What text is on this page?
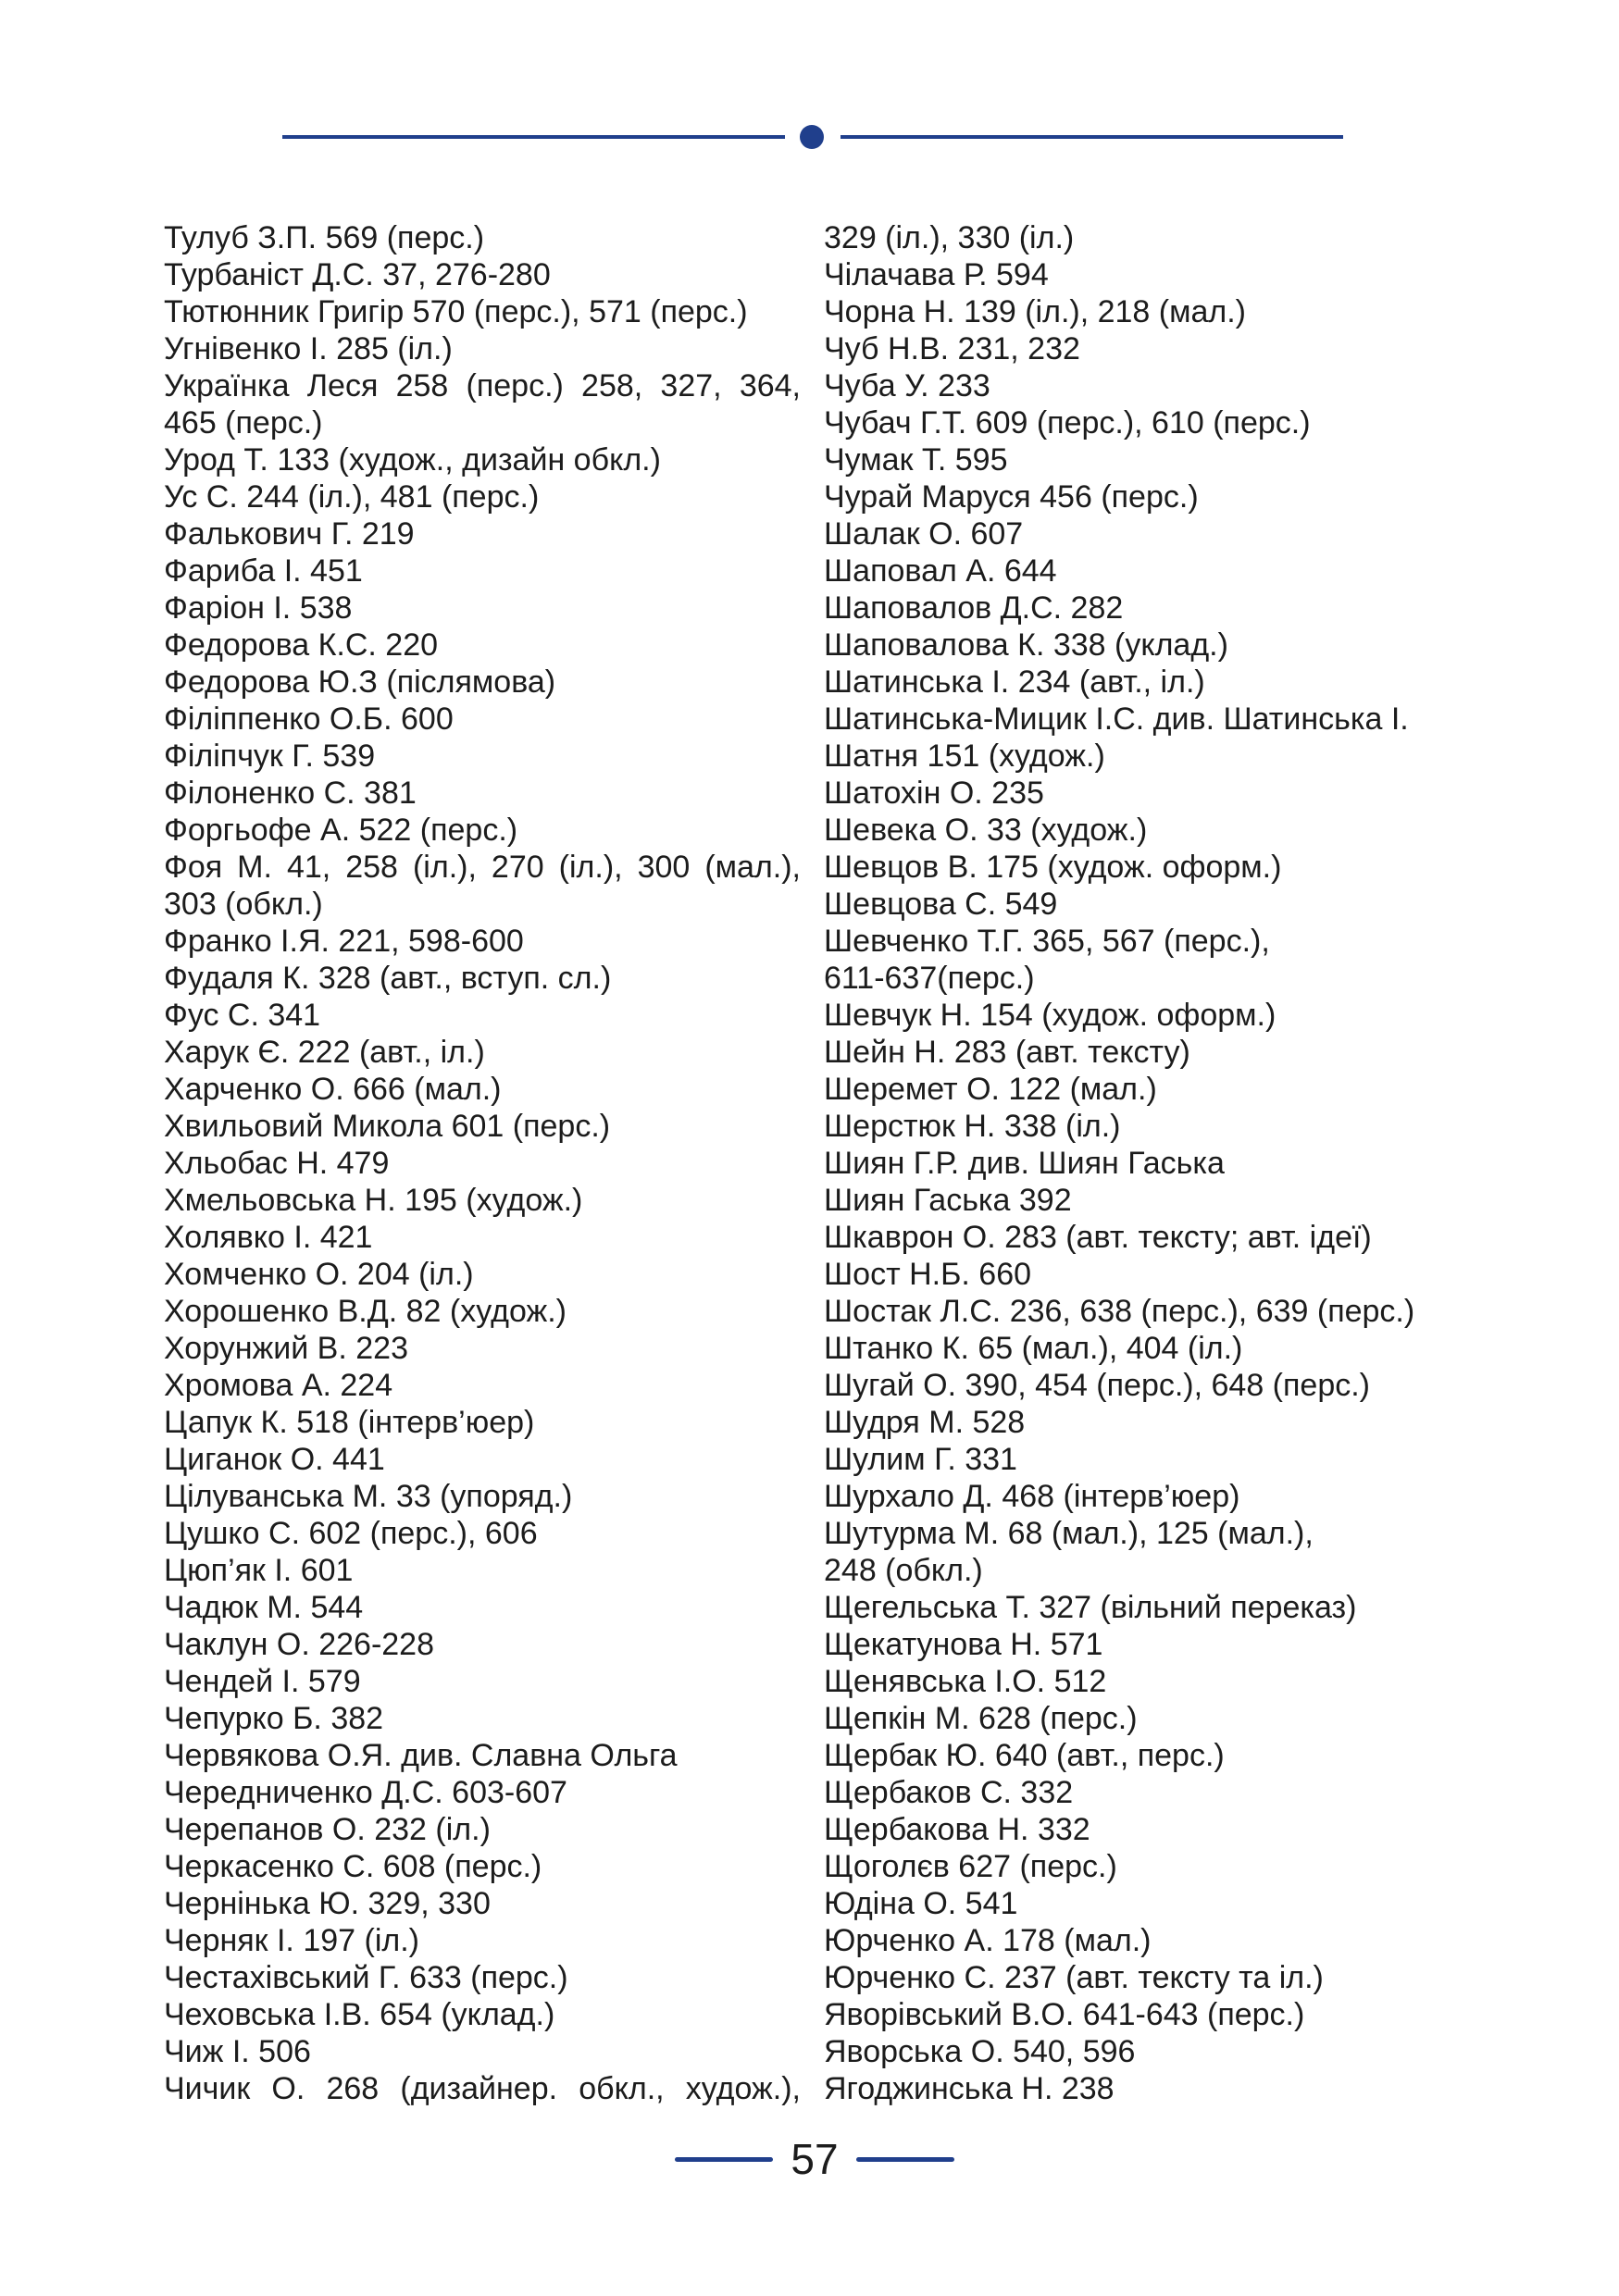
Тулуб З.П. 569 (перс.)

Турбаніст Д.С. 37, 276-280

Тютюнник Григір 570 (перс.), 571 (перс.)

Угнівенко І. 285 (іл.)

Українка Леся 258 (перс.) 258, 327, 364,

465 (перс.)

Урод Т. 133 (худож., дизайн обкл.)

Ус С. 244 (іл.), 481 (перс.)

Фалькович Г. 219

Фариба І. 451

Фаріон І. 538

Федорова К.С. 220

Федорова Ю.З (післямова)

Філіппенко О.Б. 600

Філіпчук Г. 539

Філоненко С. 381

Форгьофе А. 522 (перс.)

Фоя М. 41, 258 (іл.), 270 (іл.), 300 (мал.),

303 (обкл.)

Франко І.Я. 221, 598-600

Фудаля К. 328 (авт., вступ. сл.)

Фус С. 341

Харук Є. 222 (авт., іл.)

Харченко О. 666 (мал.)

Хвильовий Микола 601 (перс.)

Хльобас Н. 479

Хмельовська Н. 195 (худож.)

Холявко І. 421

Хомченко О. 204 (іл.)

Хорошенко В.Д. 82 (худож.)

Хорунжий В. 223

Хромова А. 224

Цапук К. 518 (інтерв’юер)

Циганок О. 441

Цілуванська М. 33 (упоряд.)

Цушко С. 602 (перс.), 606

Цюп’як І. 601

Чадюк М. 544

Чаклун О. 226-228

Чендей І. 579

Чепурко Б. 382

Червякова О.Я. див. Славна Ольга

Чередниченко Д.С. 603-607

Черепанов О. 232 (іл.)

Черкасенко С. 608 (перс.)

Чернінька Ю. 329, 330

Черняк І. 197 (іл.)

Честахівський Г. 633 (перс.)

Чеховська І.В. 654 (уклад.)

Чиж І. 506

Чичик О. 268 (дизайнер. обкл., худож.),

329 (іл.), 330 (іл.)

Чілачава Р. 594

Чорна Н. 139 (іл.), 218 (мал.)

Чуб Н.В. 231, 232

Чуба У. 233

Чубач Г.Т. 609 (перс.), 610 (перс.)

Чумак Т. 595

Чурай Маруся 456 (перс.)

Шалак О. 607

Шаповал А. 644

Шаповалов Д.С. 282

Шаповалова К. 338 (уклад.)

Шатинська І. 234 (авт., іл.)

Шатинська-Мицик І.С. див. Шатинська І.

Шатня 151 (худож.)

Шатохін О. 235

Шевека О. 33 (худож.)

Шевцов В. 175 (худож. оформ.)

Шевцова С. 549

Шевченко Т.Г. 365, 567 (перс.),

611-637(перс.)

Шевчук Н. 154 (худож. оформ.)

Шейн Н. 283 (авт. тексту)

Шеремет О. 122 (мал.)

Шерстюк Н. 338 (іл.)

Шиян Г.Р. див. Шиян Гаська

Шиян Гаська 392

Шкаврон О. 283 (авт. тексту; авт. ідеї)

Шост Н.Б. 660

Шостак Л.С. 236, 638 (перс.), 639 (перс.)

Штанко К. 65 (мал.), 404 (іл.)

Шугай О. 390, 454 (перс.), 648 (перс.)

Шудря М. 528

Шулим Г. 331

Шурхало Д. 468 (інтерв’юер)

Шутурма М. 68 (мал.), 125 (мал.),

248 (обкл.)

Щегельська Т. 327 (вільний переказ)

Щекатунова Н. 571

Щенявська І.О. 512

Щепкін М. 628 (перс.)

Щербак Ю. 640 (авт., перс.)

Щербаков С. 332

Щербакова Н. 332

Щоголєв 627 (перс.)

Юдіна О. 541

Юрченко А. 178 (мал.)

Юрченко С. 237 (авт. тексту та іл.)

Яворівський В.О. 641-643 (перс.)

Яворська О. 540, 596

Ягоджинська Н. 238

57
